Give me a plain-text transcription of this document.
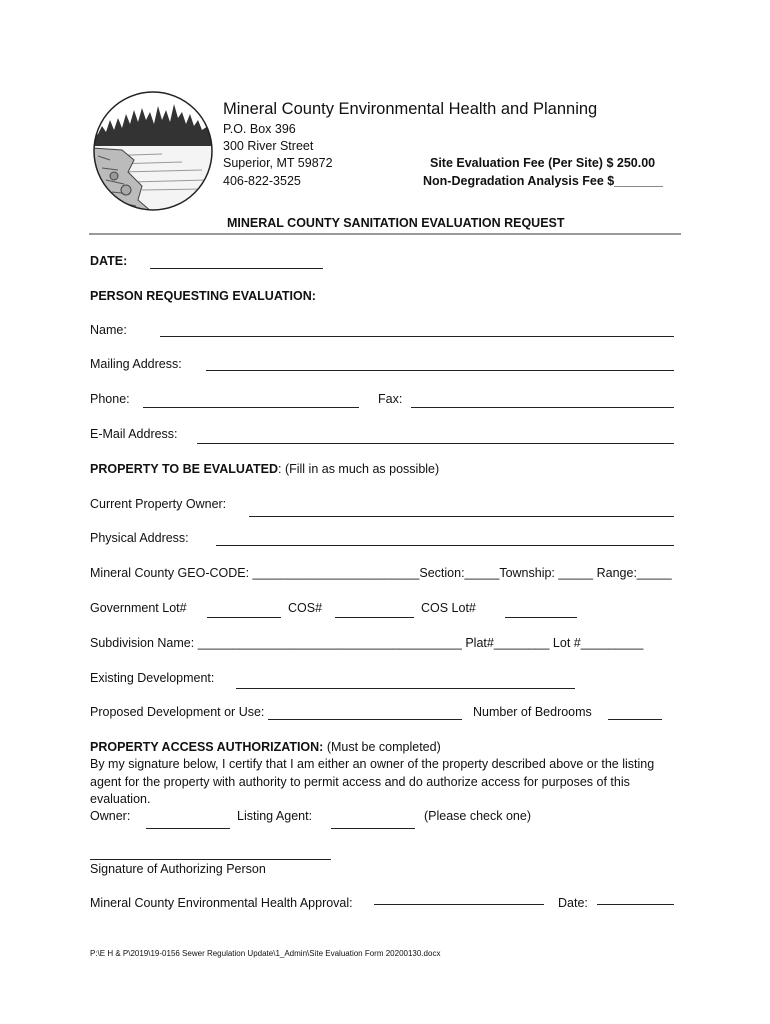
Mineral County Environmental Health and Planning
P.O. Box 396
300 River Street
Superior, MT 59872
406-822-3525
Site Evaluation Fee (Per Site) $ 250.00
Non-Degradation Analysis Fee $_______
MINERAL COUNTY SANITATION EVALUATION REQUEST
DATE:
PERSON REQUESTING EVALUATION:
Name:
Mailing Address:
Phone:	Fax:
E-Mail Address:
PROPERTY TO BE EVALUATED: (Fill in as much as possible)
Current Property Owner:
Physical Address:
Mineral County GEO-CODE: ________________________Section:_____Township: _____ Range:_____
Government Lot#	COS#	COS Lot#
Subdivision Name: ______________________________________ Plat#________ Lot #_________
Existing Development:
Proposed Development or Use:	Number of Bedrooms
PROPERTY ACCESS AUTHORIZATION: (Must be completed)
By my signature below, I certify that I am either an owner of the property described above or the listing
agent for the property with authority to permit access and do authorize access for purposes of this
evaluation.
Owner:	Listing Agent:	(Please check one)
Signature of Authorizing Person
Mineral County Environmental Health Approval:	Date:
P:\E H & P\2019\19-0156 Sewer Regulation Update\1_Admin\Site Evaluation Form 20200130.docx
